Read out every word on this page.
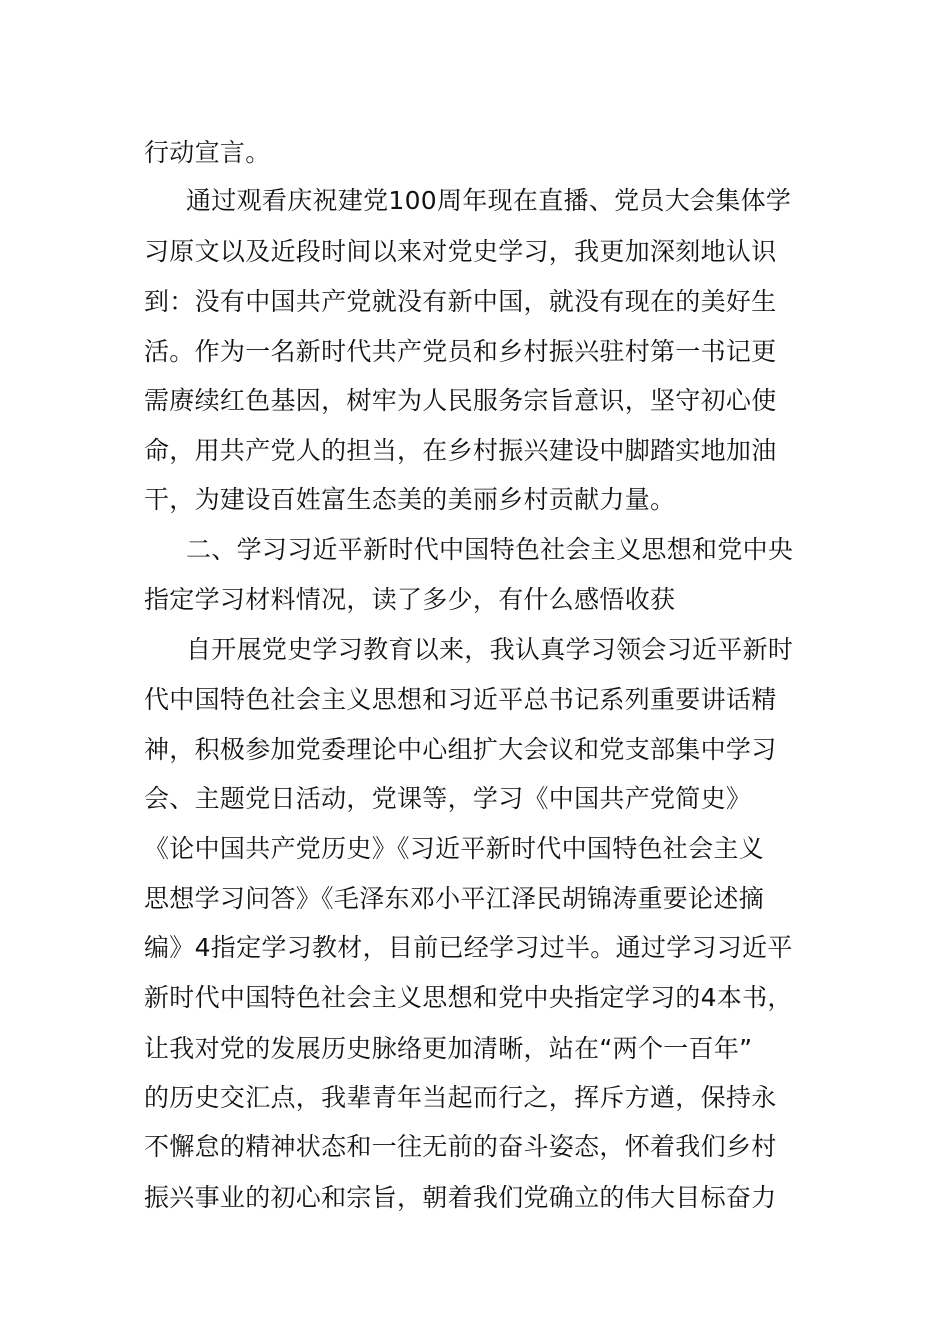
行动宣言。
通过观看庆祝建党100周年现在直播、党员大会集体学
习原文以及近段时间以来对党史学习，我更加深刻地认识
到：没有中国共产党就没有新中国，就没有现在的美好生
活。作为一名新时代共产党员和乡村振兴驻村第一书记更
需赓续红色基因，树牢为人民服务宗旨意识，坚守初心使
命，用共产党人的担当，在乡村振兴建设中脚踏实地加油
干，为建设百姓富生态美的美丽乡村贡献力量。
二、学习习近平新时代中国特色社会主义思想和党中央
指定学习材料情况，读了多少，有什么感悟收获
自开展党史学习教育以来，我认真学习领会习近平新时
代中国特色社会主义思想和习近平总书记系列重要讲话精
神，积极参加党委理论中心组扩大会议和党支部集中学习
会、主题党日活动，党课等，学习《中国共产党简史》
《论中国共产党历史》《习近平新时代中国特色社会主义
思想学习问答》《毛泽东邓小平江泽民胡锦涛重要论述摘
编》4指定学习教材，目前已经学习过半。通过学习习近平
新时代中国特色社会主义思想和党中央指定学习的4本书，
让我对党的发展历史脉络更加清晰，站在“两个一百年”
的历史交汇点，我辈青年当起而行之，挥斥方遒，保持永
不懈怠的精神状态和一往无前的奋斗姿态，怀着我们乡村
振兴事业的初心和宗旨，朝着我们党确立的伟大目标奋力
